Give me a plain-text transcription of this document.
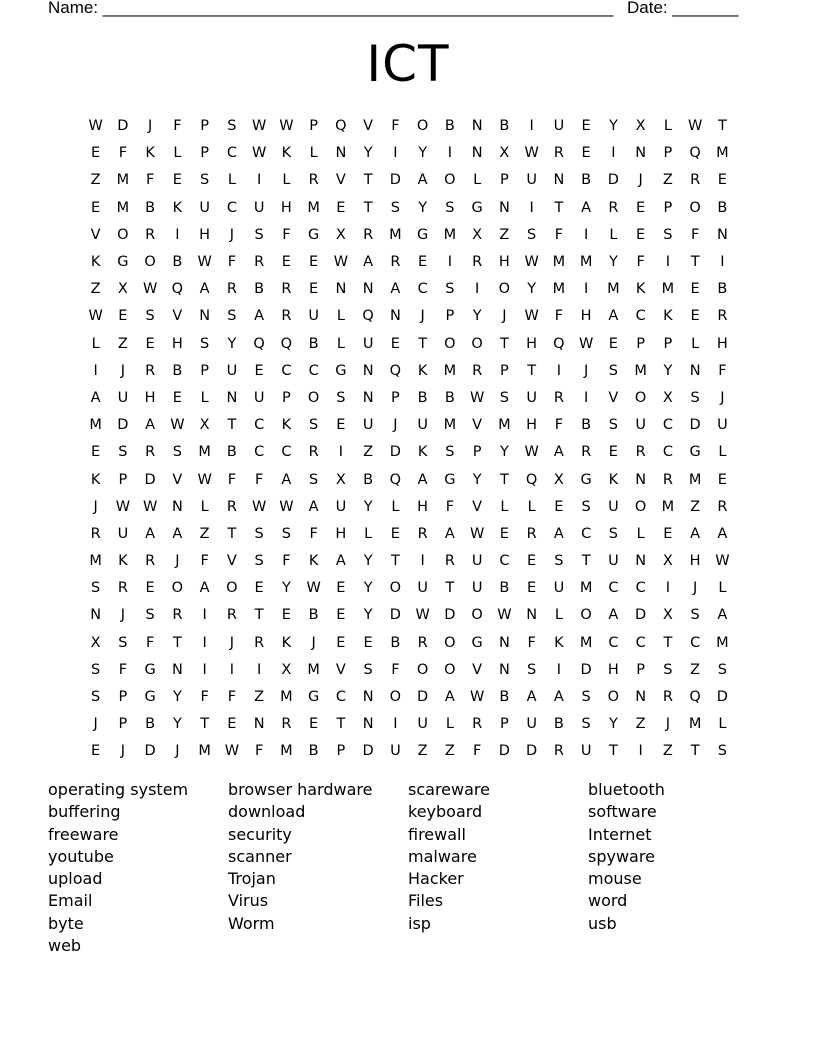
Name: ______________________________________________________ Date: _______
ICT
W D	J	F	P	S	W W	P	Q	V	F	O	B	N	B	I	U	E	Y	X	L	W	T
E	F	K	L	P	C	W	K	L	N	Y	I	Y	I	N	X	W	R	E	I	N	P	Q	M
Z	M	F	E	S	L	I	L	R	V	T	D	A	O	L	P	U	N	B	D	J	Z	R	E
E	M	B	K	U	C	U	H	M	E	T	S	Y	S	G	N	I	T	A	R	E	P	O	B
V	O	R	I	H	J	S	F	G	X	R	M	G	M	X	Z	S	F	I	L	E	S	F	N
K	G	O	B	W	F	R	E	E	W	A	R	E	I	R	H	W M	M	Y	F	I	T	I
Z	X	W Q	A	R	B	R	E	N	N	A	C	S	I	O	Y	M	I	M	K	M	E	B
W	E	S	V	N	S	A	R	U	L	Q	N	J	P	Y	J	W	F	H	A	C	K	E	R
L	Z	E	H	S	Y	Q	Q	B	L	U	E	T	O	O	T	H	Q W	E	P	P	L	H
I	J	R	B	P	U	E	C	C	G	N	Q	K	M	R	P	T	I	J	S	M	Y	N	F
A	U	H	E	L	N	U	P	O	S	N	P	B	B	W	S	U	R	I	V	O	X	S	J
M	D	A	W	X	T	C	K	S	E	U	J	U	M	V	M	H	F	B	S	U	C	D	U
E	S	R	S	M	B	C	C	R	I	Z	D	K	S	P	Y	W	A	R	E	R	C	G	L
K	P	D	V	W	F	F	A	S	X	B	Q	A	G	Y	T	Q	X	G	K	N	R	M	E
J	W W	N	L	R	W W	A	U	Y	L	H	F	V	L	L	E	S	U	O	M	Z	R
R	U	A	A	Z	T	S	S	F	H	L	E	R	A	W	E	R	A	C	S	L	E	A	A
M	K	R	J	F	V	S	F	K	A	Y	T	I	R	U	C	E	S	T	U	N	X	H	W
S	R	E	O	A	O	E	Y	W	E	Y	O	U	T	U	B	E	U	M	C	C	I	J	L
N	J	S	R	I	R	T	E	B	E	Y	D	W D	O W	N	L	O	A	D	X	S	A
X	S	F	T	I	J	R	K	J	E	E	B	R	O	G	N	F	K	M	C	C	T	C	M
S	F	G	N	I	I	I	X	M	V	S	F	O	O	V	N	S	I	D	H	P	S	Z	S
S	P	G	Y	F	F	Z	M	G	C	N	O	D	A	W	B	A	A	S	O	N	R	Q	D
J	P	B	Y	T	E	N	R	E	T	N	I	U	L	R	P	U	B	S	Y	Z	J	M	L
E	J	D	J	M W	F	M	B	P	D	U	Z	Z	F	D	D	R	U	T	I	Z	T	S
operating system
buffering
freeware
youtube
upload
Email
byte
web
browser hardware
download
security
scanner
Trojan
Virus
Worm
scareware
keyboard
firewall
malware
Hacker
Files
isp
bluetooth
software
Internet
spyware
mouse
word
usb
